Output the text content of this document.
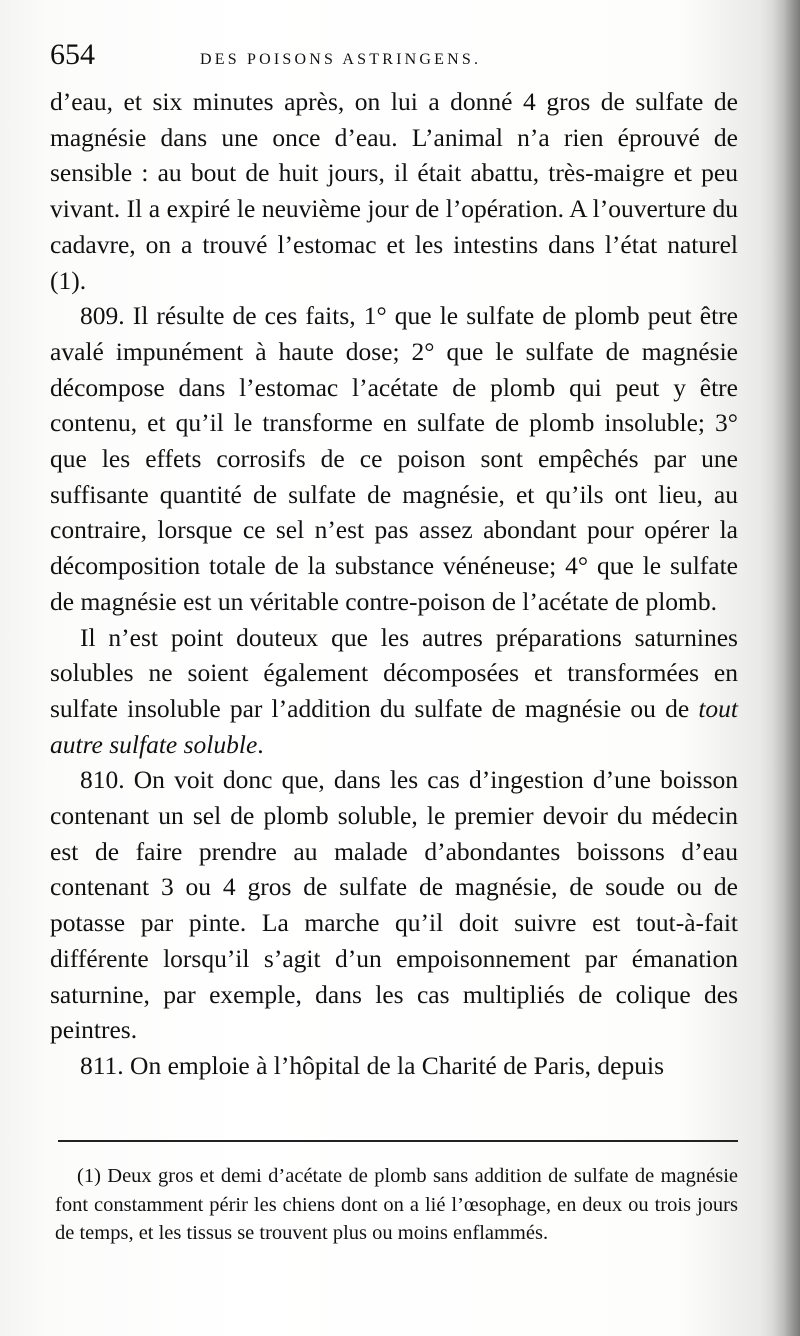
654	DES POISONS ASTRINGENS.

d’eau, et six minutes après, on lui a donné 4 gros de sulfate de magnésie dans une once d’eau. L’animal n’a rien éprouvé de sensible : au bout de huit jours, il était abattu, très-maigre et peu vivant. Il a expiré le neuvième jour de l’opération. A l’ouverture du cadavre, on a trouvé l’estomac et les intestins dans l’état naturel (1).

809. Il résulte de ces faits, 1° que le sulfate de plomb peut être avalé impunément à haute dose; 2° que le sulfate de magnésie décompose dans l’estomac l’acétate de plomb qui peut y être contenu, et qu’il le transforme en sulfate de plomb insoluble; 3° que les effets corrosifs de ce poison sont empêchés par une suffisante quantité de sulfate de magnésie, et qu’ils ont lieu, au contraire, lorsque ce sel n’est pas assez abondant pour opérer la décomposition totale de la substance vénéneuse; 4° que le sulfate de magnésie est un véritable contre-poison de l’acétate de plomb.

Il n’est point douteux que les autres préparations saturnines solubles ne soient également décomposées et transformées en sulfate insoluble par l’addition du sulfate de magnésie ou de tout autre sulfate soluble.

810. On voit donc que, dans les cas d’ingestion d’une boisson contenant un sel de plomb soluble, le premier devoir du médecin est de faire prendre au malade d’abondantes boissons d’eau contenant 3 ou 4 gros de sulfate de magnésie, de soude ou de potasse par pinte. La marche qu’il doit suivre est tout-à-fait différente lorsqu’il s’agit d’un empoisonnement par émanation saturnine, par exemple, dans les cas multipliés de colique des peintres.

811. On emploie à l’hôpital de la Charité de Paris, depuis

(1) Deux gros et demi d’acétate de plomb sans addition de sulfate de magnésie font constamment périr les chiens dont on a lié l’œsophage, en deux ou trois jours de temps, et les tissus se trouvent plus ou moins enflammés.
